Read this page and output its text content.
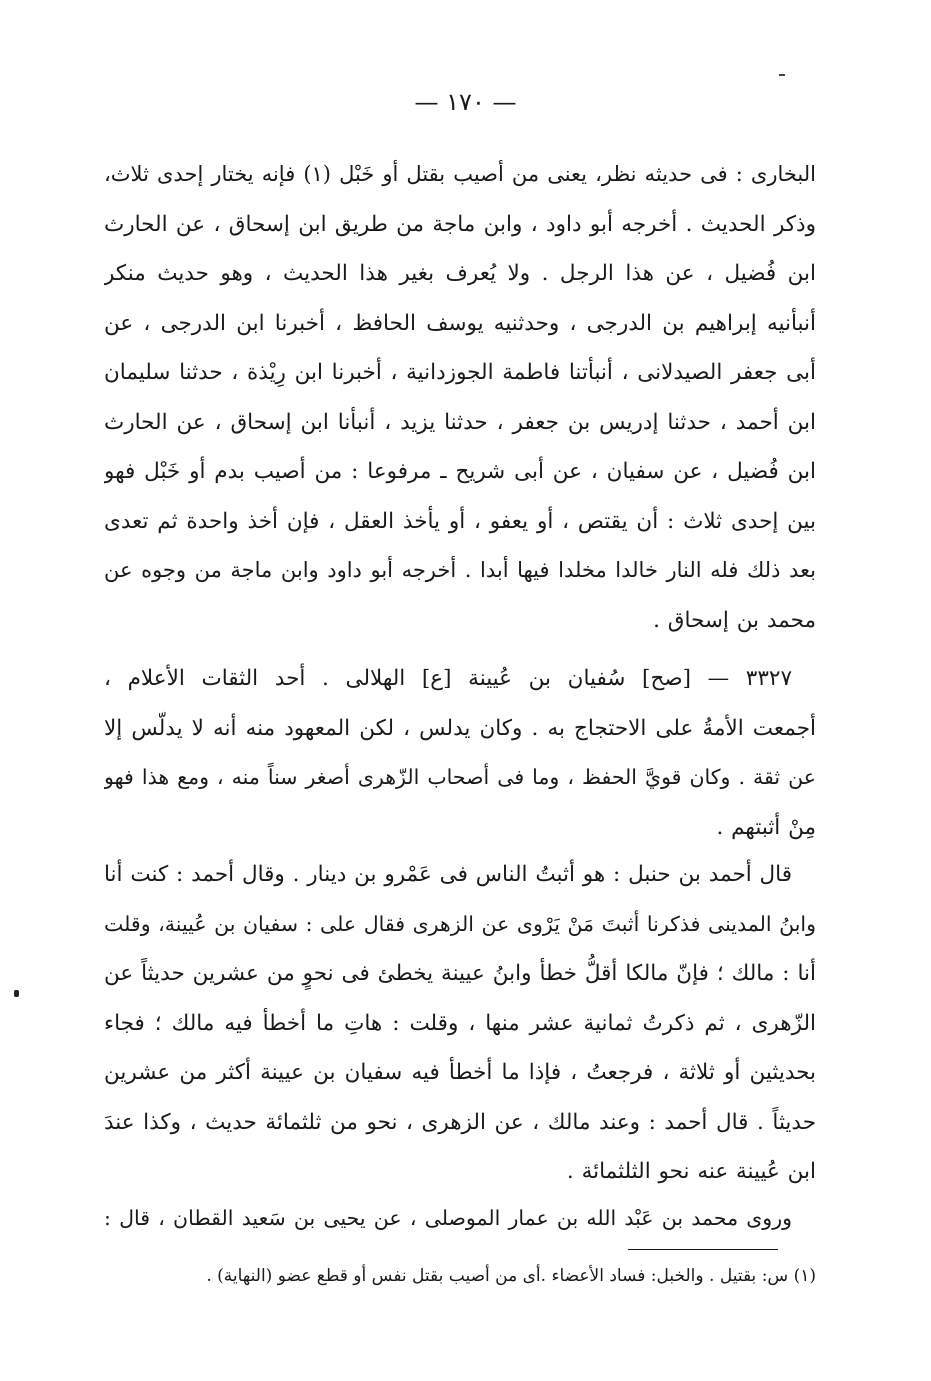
— ١٧٠ —
البخارى : فى حديثه نظر، يعنى من أصيب بقتل أو خَبْل (١) فإنه يختار إحدى ثلاث،
وذكر الحديث . أخرجه أبو داود ، وابن ماجة من طريق ابن إسحاق ، عن الحارث
ابن فُضيل ، عن هذا الرجل . ولا يُعرف بغير هذا الحديث ، وهو حديث منكر
أنبأنيه إبراهيم بن الدرجى ، وحدثنيه يوسف الحافظ ، أخبرنا ابن الدرجى ، عن
أبى جعفر الصيدلانى ، أنبأتنا فاطمة الجوزدانية ، أخبرنا ابن رِيْذة ، حدثنا سليمان
ابن أحمد ، حدثنا إدريس بن جعفر ، حدثنا يزيد ، أنبأنا ابن إسحاق ، عن الحارث
ابن فُضيل ، عن سفيان ، عن أبى شريح ـ مرفوعا : من أصيب بدم أو خَبْل فهو
بين إحدى ثلاث : أن يقتص ، أو يعفو ، أو يأخذ العقل ، فإن أخذ واحدة ثم تعدى
بعد ذلك فله النار خالدا مخلدا فيها أبدا . أخرجه أبو داود وابن ماجة من وجوه عن
محمد بن إسحاق .
٣٣٢٧ — [صح] سُفيان بن عُيينة [ع] الهلالى . أحد الثقات الأعلام ،
أجمعت الأمةُ على الاحتجاج به . وكان يدلس ، لكن المعهود منه أنه لا يدلّس إلا
عن ثقة . وكان قويَّ الحفظ ، وما فى أصحاب الزّهرى أصغر سناً منه ، ومع هذا فهو
مِنْ أثبتهم .
قال أحمد بن حنبل : هو أثبتُ الناس فى عَمْرو بن دينار . وقال أحمد : كنت أنا
وابنُ المدينى فذكرنا أثبتَ مَنْ يَرْوى عن الزهرى فقال على : سفيان بن عُيينة، وقلت
أنا : مالك ؛ فإنّ مالكا أقلُّ خطأ وابنُ عيينة يخطئ فى نحوٍ من عشرين حديثاً عن
الزّهرى ، ثم ذكرتُ ثمانية عشر منها ، وقلت : هاتِ ما أخطأ فيه مالك ؛ فجاء
بحديثين أو ثلاثة ، فرجعتُ ، فإذا ما أخطأ فيه سفيان بن عيينة أكثر من عشرين
حديثاً . قال أحمد : وعند مالك ، عن الزهرى ، نحو من ثلثمائة حديث ، وكذا عندَ
ابن عُيينة عنه نحو الثلثمائة .
وروى محمد بن عَبْد الله بن عمار الموصلى ، عن يحيى بن سَعيد القطان ، قال :
(١) س: بقتيل . والخبل: فساد الأعضاء .أى من أصيب بقتل نفس أو قطع عضو (النهاية) .
